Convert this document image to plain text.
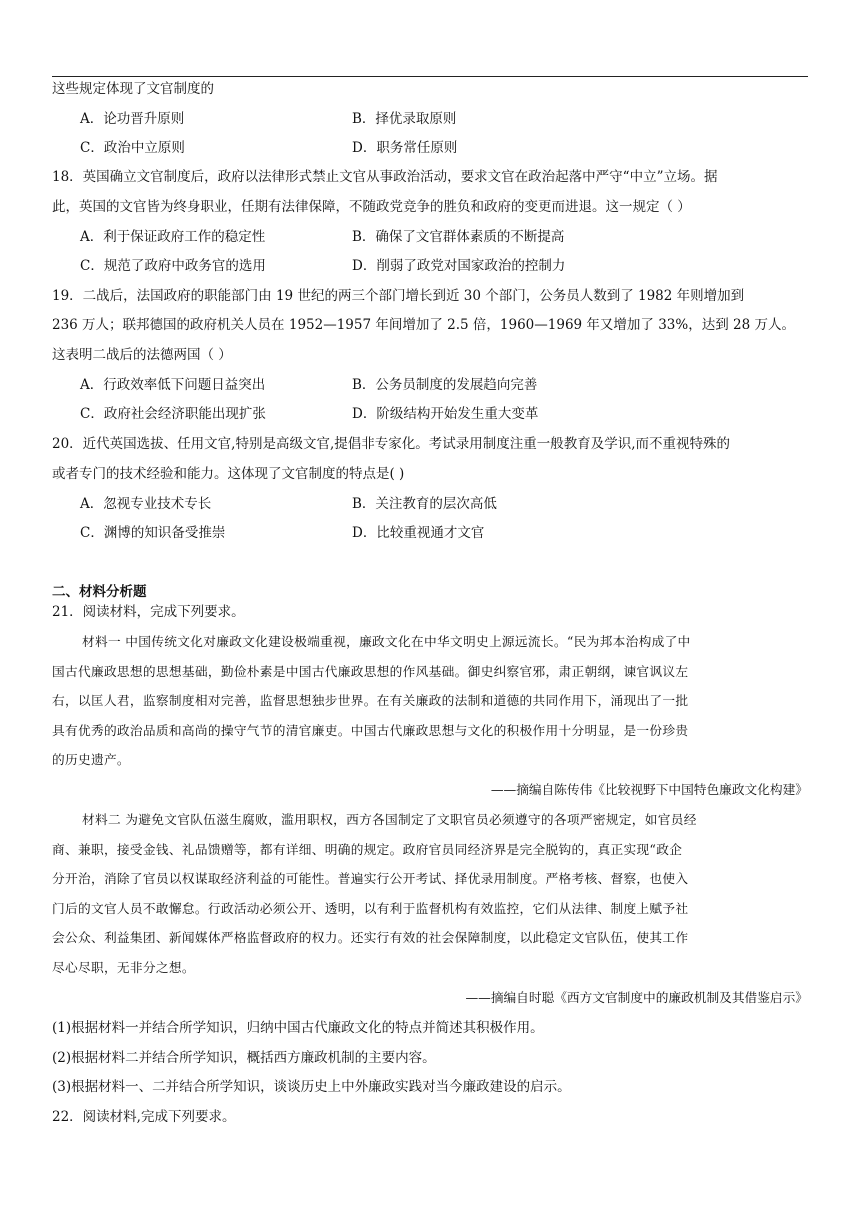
这些规定体现了文官制度的
A．论功晋升原则	B．择优录取原则
C．政治中立原则	D．职务常任原则
18．英国确立文官制度后，政府以法律形式禁止文官从事政治活动，要求文官在政治起落中严守“中立”立场。据
此，英国的文官皆为终身职业，任期有法律保障，不随政党竞争的胜负和政府的变更而进退。这一规定（ ）
A．利于保证政府工作的稳定性	B．确保了文官群体素质的不断提高
C．规范了政府中政务官的选用	D．削弱了政党对国家政治的控制力
19．二战后，法国政府的职能部门由 19 世纪的两三个部门增长到近 30 个部门，公务员人数到了 1982 年则增加到
236 万人；联邦德国的政府机关人员在 1952—1957 年间增加了 2.5 倍，1960—1969 年又增加了 33%，达到 28 万人。
这表明二战后的法德两国（ ）
A．行政效率低下问题日益突出	B．公务员制度的发展趋向完善
C．政府社会经济职能出现扩张	D．阶级结构开始发生重大变革
20．近代英国选拔、任用文官,特别是高级文官,提倡非专家化。考试录用制度注重一般教育及学识,而不重视特殊的
或者专门的技术经验和能力。这体现了文官制度的特点是( )
A．忽视专业技术专长	B．关注教育的层次高低
C．渊博的知识备受推崇	D．比较重视通才文官
二、材料分析题
21．阅读材料，完成下列要求。
材料一 中国传统文化对廉政文化建设极端重视，廉政文化在中华文明史上源远流长。“民为邦本治构成了中
国古代廉政思想的思想基础，勤俭朴素是中国古代廉政思想的作风基础。御史纠察官邪，肃正朝纲，谏官讽议左
右，以匡人君，监察制度相对完善，监督思想独步世界。在有关廉政的法制和道德的共同作用下，涌现出了一批
具有优秀的政治品质和高尚的操守气节的清官廉吏。中国古代廉政思想与文化的积极作用十分明显，是一份珍贵
的历史遗产。
——摘编自陈传伟《比较视野下中国特色廉政文化构建》
材料二 为避免文官队伍滋生腐败，滥用职权，西方各国制定了文职官员必须遵守的各项严密规定，如官员经
商、兼职，接受金钱、礼品馈赠等，都有详细、明确的规定。政府官员同经济界是完全脱钩的，真正实现“政企
分开治，消除了官员以权谋取经济利益的可能性。普遍实行公开考试、择优录用制度。严格考核、督察，也使入
门后的文官人员不敢懈怠。行政活动必须公开、透明，以有利于监督机构有效监控，它们从法律、制度上赋予社
会公众、利益集团、新闻媒体严格监督政府的权力。还实行有效的社会保障制度，以此稳定文官队伍，使其工作
尽心尽职，无非分之想。
——摘编自时聪《西方文官制度中的廉政机制及其借鉴启示》
(1)根据材料一并结合所学知识，归纳中国古代廉政文化的特点并简述其积极作用。
(2)根据材料二并结合所学知识，概括西方廉政机制的主要内容。
(3)根据材料一、二并结合所学知识，谈谈历史上中外廉政实践对当今廉政建设的启示。
22．阅读材料,完成下列要求。
